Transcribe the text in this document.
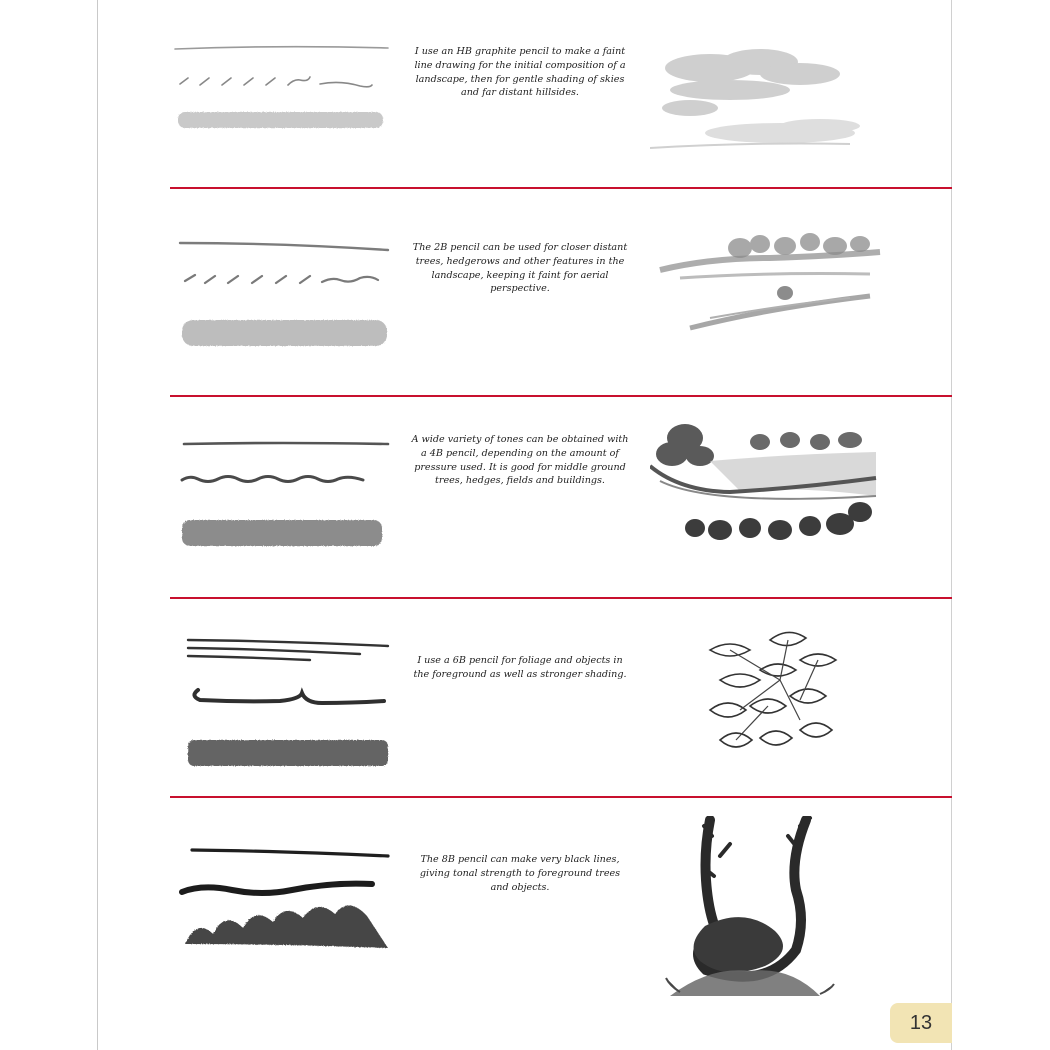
I use an HB graphite pencil to make a faint line drawing for the initial composition of a landscape, then for gentle shading of skies and far distant hillsides.
The 2B pencil can be used for closer distant trees, hedgerows and other features in the landscape, keeping it faint for aerial perspective.
A wide variety of tones can be obtained with a 4B pencil, depending on the amount of pressure used. It is good for middle ground trees, hedges, fields and buildings.
I use a 6B pencil for foliage and objects in the foreground as well as stronger shading.
The 8B pencil can make very black lines, giving tonal strength to foreground trees and objects.
13
